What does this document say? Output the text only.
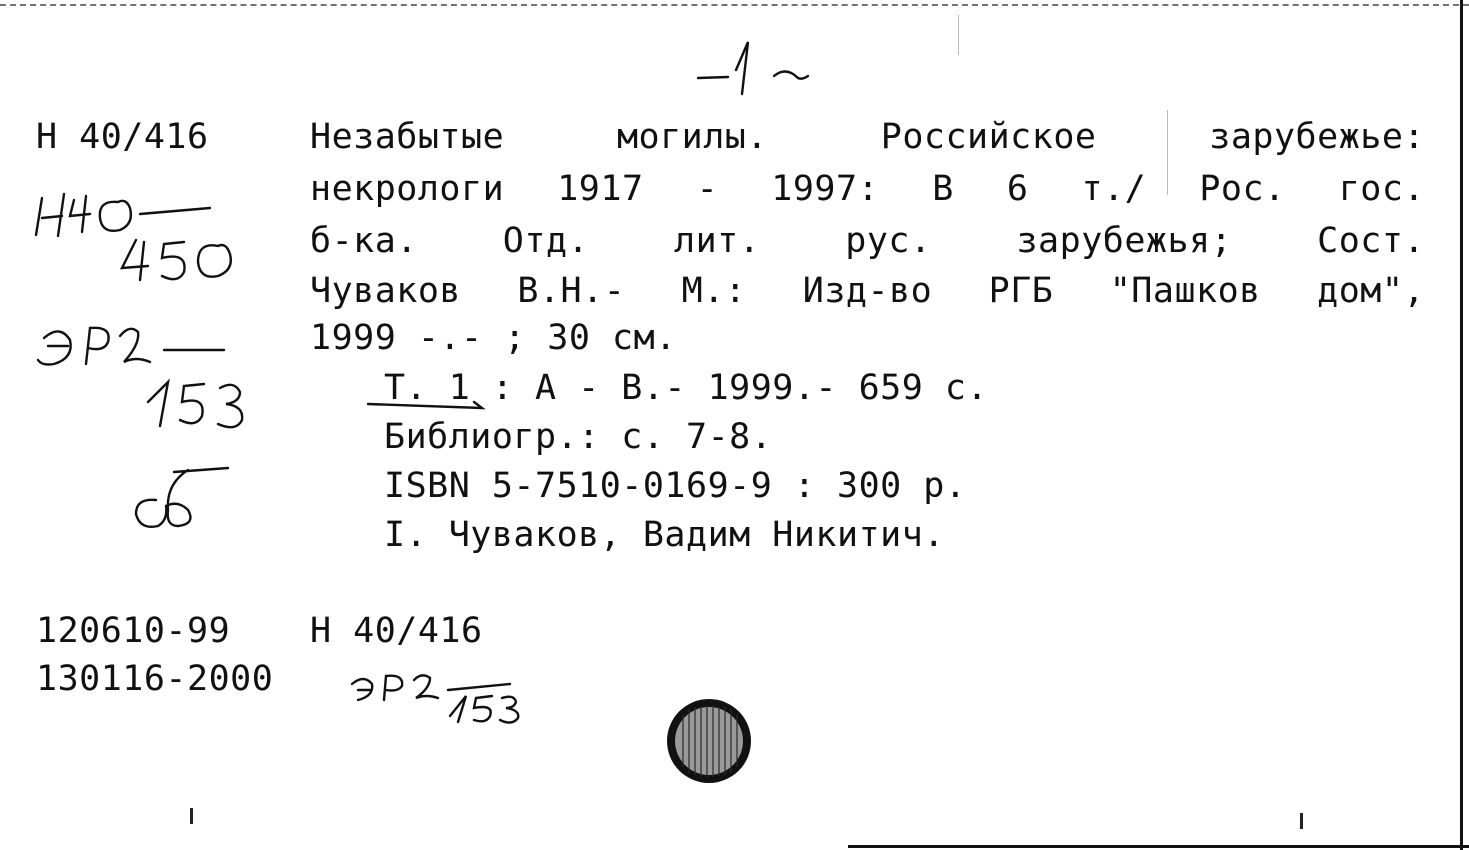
Н 40/416	Незабытые могилы. Российское зарубежье:
некрологи 1917 - 1997: В 6 т./ Рос. гос.
б-ка. Отд. лит. рус. зарубежья; Сост.
Чуваков В.Н.- М.: Изд-во РГБ "Пашков дом",
1999 -.- ; 30 см.
Т. 1 : А - В.- 1999.- 659 с.
Библиогр.: с. 7-8.
ISBN 5-7510-0169-9 : 300 р.
I. Чуваков, Вадим Никитич.
120610-99 Н 40/416
130116-2000
